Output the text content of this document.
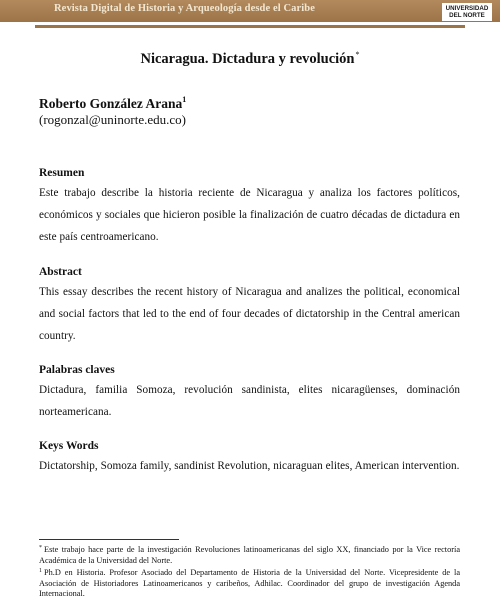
Revista Digital de Historia y Arqueología desde el Caribe	UNIVERSIDAD
DEL NORTE
Nicaragua. Dictadura y revolución*
Roberto González Arana$^1$
(rogonzal@uninorte.edu.co)

Resumen

Este trabajo describe la historia reciente de Nicaragua y analiza los factores políticos, económicos y sociales que hicieron posible la finalización de cuatro décadas de dictadura en este país centroamericano.

Abstract

This essay describes the recent history of Nicaragua and analizes the political, economical and social factors that led to the end of four decades of dictatorship in the Central american country.

Palabras claves

Dictadura, familia Somoza, revolución sandinista, elites nicaragüenses, dominación norteamericana.

Keys Words

Dictatorship, Somoza family, sandinist Revolution, nicaraguan elites, American intervention.

* Este trabajo hace parte de la investigación Revoluciones latinoamericanas del siglo XX, financiado por la Vice rectoría Académica de la Universidad del Norte.

$^1$ Ph.D en Historia. Profesor Asociado del Departamento de Historia de la Universidad del Norte. Vicepresidente de la Asociación de Historiadores Latinoamericanos y caribeños, Adhilac. Coordinador del grupo de investigación Agenda Internacional.
